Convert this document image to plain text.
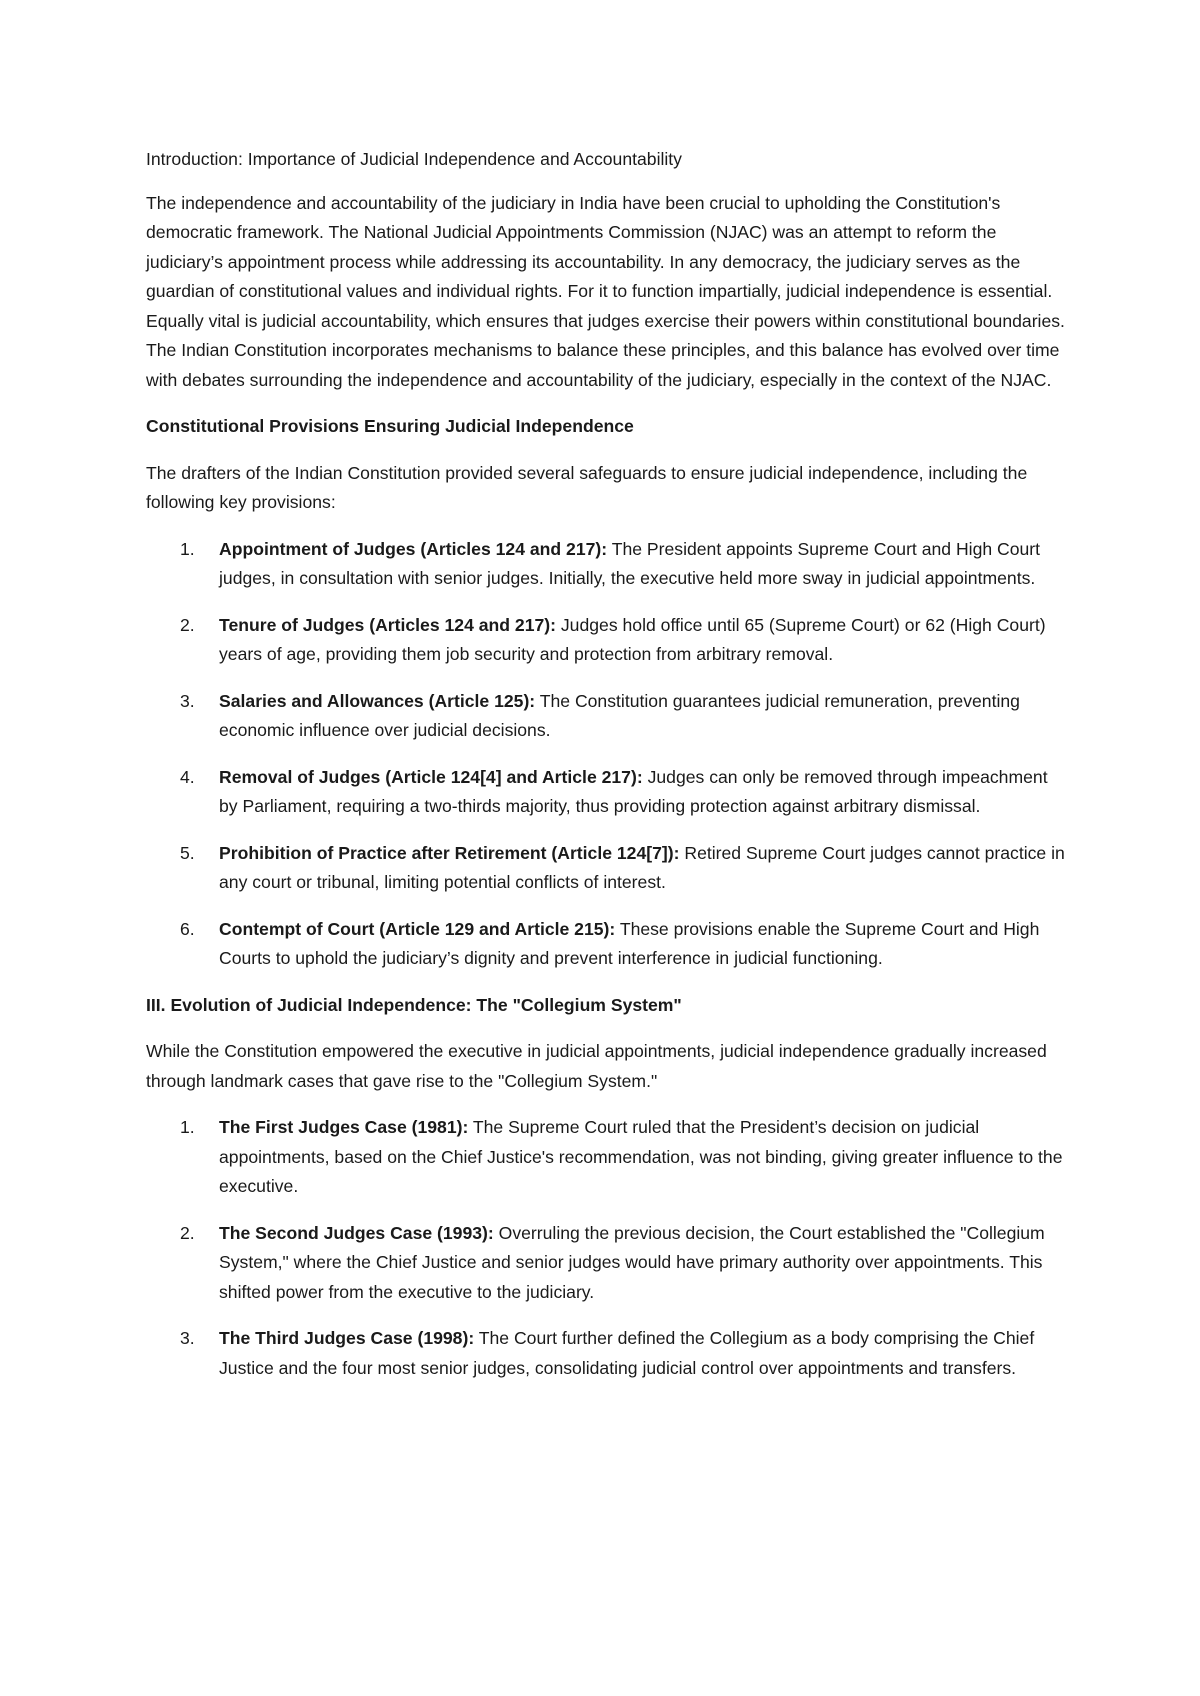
Introduction: Importance of Judicial Independence and Accountability

The independence and accountability of the judiciary in India have been crucial to upholding the Constitution's democratic framework. The National Judicial Appointments Commission (NJAC) was an attempt to reform the judiciary’s appointment process while addressing its accountability. In any democracy, the judiciary serves as the guardian of constitutional values and individual rights. For it to function impartially, judicial independence is essential. Equally vital is judicial accountability, which ensures that judges exercise their powers within constitutional boundaries. The Indian Constitution incorporates mechanisms to balance these principles, and this balance has evolved over time with debates surrounding the independence and accountability of the judiciary, especially in the context of the NJAC.

Constitutional Provisions Ensuring Judicial Independence

The drafters of the Indian Constitution provided several safeguards to ensure judicial independence, including the following key provisions:

1. Appointment of Judges (Articles 124 and 217): The President appoints Supreme Court and High Court judges, in consultation with senior judges. Initially, the executive held more sway in judicial appointments.
2. Tenure of Judges (Articles 124 and 217): Judges hold office until 65 (Supreme Court) or 62 (High Court) years of age, providing them job security and protection from arbitrary removal.
3. Salaries and Allowances (Article 125): The Constitution guarantees judicial remuneration, preventing economic influence over judicial decisions.
4. Removal of Judges (Article 124[4] and Article 217): Judges can only be removed through impeachment by Parliament, requiring a two-thirds majority, thus providing protection against arbitrary dismissal.
5. Prohibition of Practice after Retirement (Article 124[7]): Retired Supreme Court judges cannot practice in any court or tribunal, limiting potential conflicts of interest.
6. Contempt of Court (Article 129 and Article 215): These provisions enable the Supreme Court and High Courts to uphold the judiciary’s dignity and prevent interference in judicial functioning.

III. Evolution of Judicial Independence: The "Collegium System"

While the Constitution empowered the executive in judicial appointments, judicial independence gradually increased through landmark cases that gave rise to the "Collegium System."

1. The First Judges Case (1981): The Supreme Court ruled that the President’s decision on judicial appointments, based on the Chief Justice's recommendation, was not binding, giving greater influence to the executive.
2. The Second Judges Case (1993): Overruling the previous decision, the Court established the "Collegium System," where the Chief Justice and senior judges would have primary authority over appointments. This shifted power from the executive to the judiciary.
3. The Third Judges Case (1998): The Court further defined the Collegium as a body comprising the Chief Justice and the four most senior judges, consolidating judicial control over appointments and transfers.
